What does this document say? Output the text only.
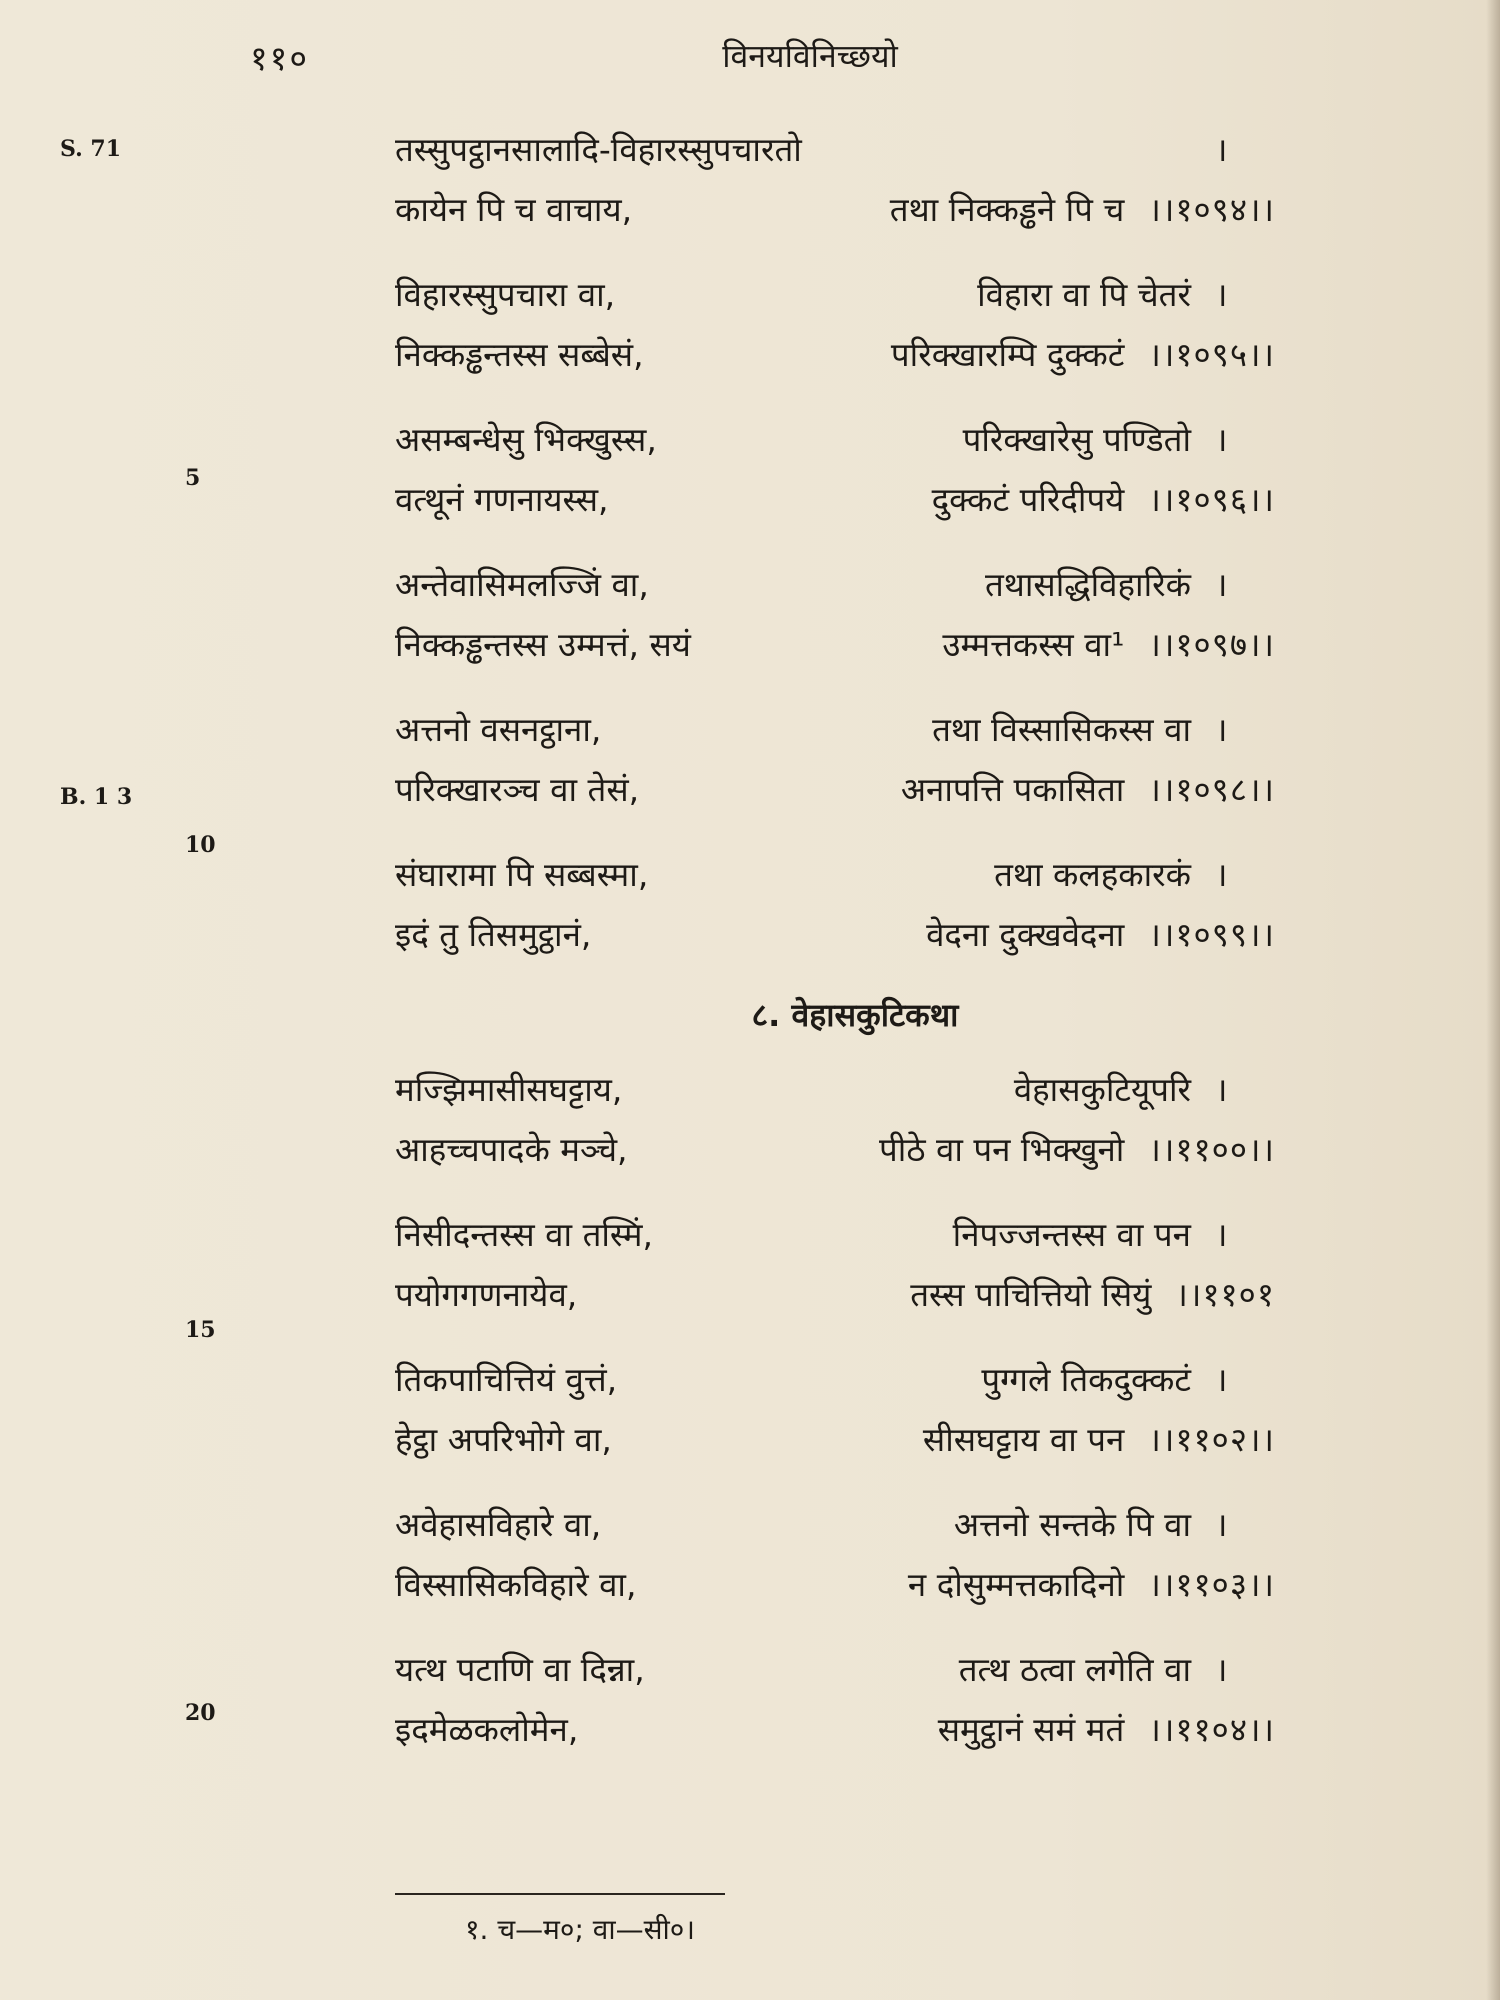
११०	विनयविनिच्छयो
S. 71
B. 1 3
5
10
15
20
तस्सुपट्ठानसालादि-विहारस्सुपचारतो	।
कायेन पि च वाचाय,	तथा निक्कड्ढने पि च ।।१०९४।।
विहारस्सुपचारा वा,	विहारा वा पि चेतरं ।
निक्कड्ढन्तस्स सब्बेसं,	परिक्खारम्पि दुक्कटं ।।१०९५।।
असम्बन्धेसु भिक्खुस्स,	परिक्खारेसु पण्डितो ।
वत्थूनं गणनायस्स,	दुक्कटं परिदीपये ।।१०९६।।
अन्तेवासिमलज्जिं वा,	तथासद्धिविहारिकं ।
निक्कड्ढन्तस्स उम्मत्तं, सयं	उम्मत्तकस्स वा¹ ।।१०९७।।
अत्तनो वसनट्ठाना,	तथा विस्सासिकस्स वा ।
परिक्खारञ्च वा तेसं,	अनापत्ति पकासिता ।।१०९८।।
संघारामा पि सब्बस्मा,	तथा कलहकारकं ।
इदं तु तिसमुट्ठानं,	वेदना दुक्खवेदना ।।१०९९।।
८. वेहासकुटिकथा
मज्झिमासीसघट्टाय,	वेहासकुटियूपरि ।
आहच्चपादके मञ्चे,	पीठे वा पन भिक्खुनो ।।११००।।
निसीदन्तस्स वा तस्मिं,	निपज्जन्तस्स वा पन ।
पयोगगणनायेव,	तस्स पाचित्तियो सियुं ।।११०१
तिकपाचित्तियं वुत्तं,	पुग्गले तिकदुक्कटं ।
हेट्ठा अपरिभोगे वा,	सीसघट्टाय वा पन ।।११०२।।
अवेहासविहारे वा,	अत्तनो सन्तके पि वा ।
विस्सासिकविहारे वा,	न दोसुम्मत्तकादिनो ।।११०३।।
यत्थ पटाणि वा दिन्ना,	तत्थ ठत्वा लगेति वा ।
इदमेळकलोमेन,	समुट्ठानं समं मतं ।।११०४।।
१. च—म०; वा—सी०।
